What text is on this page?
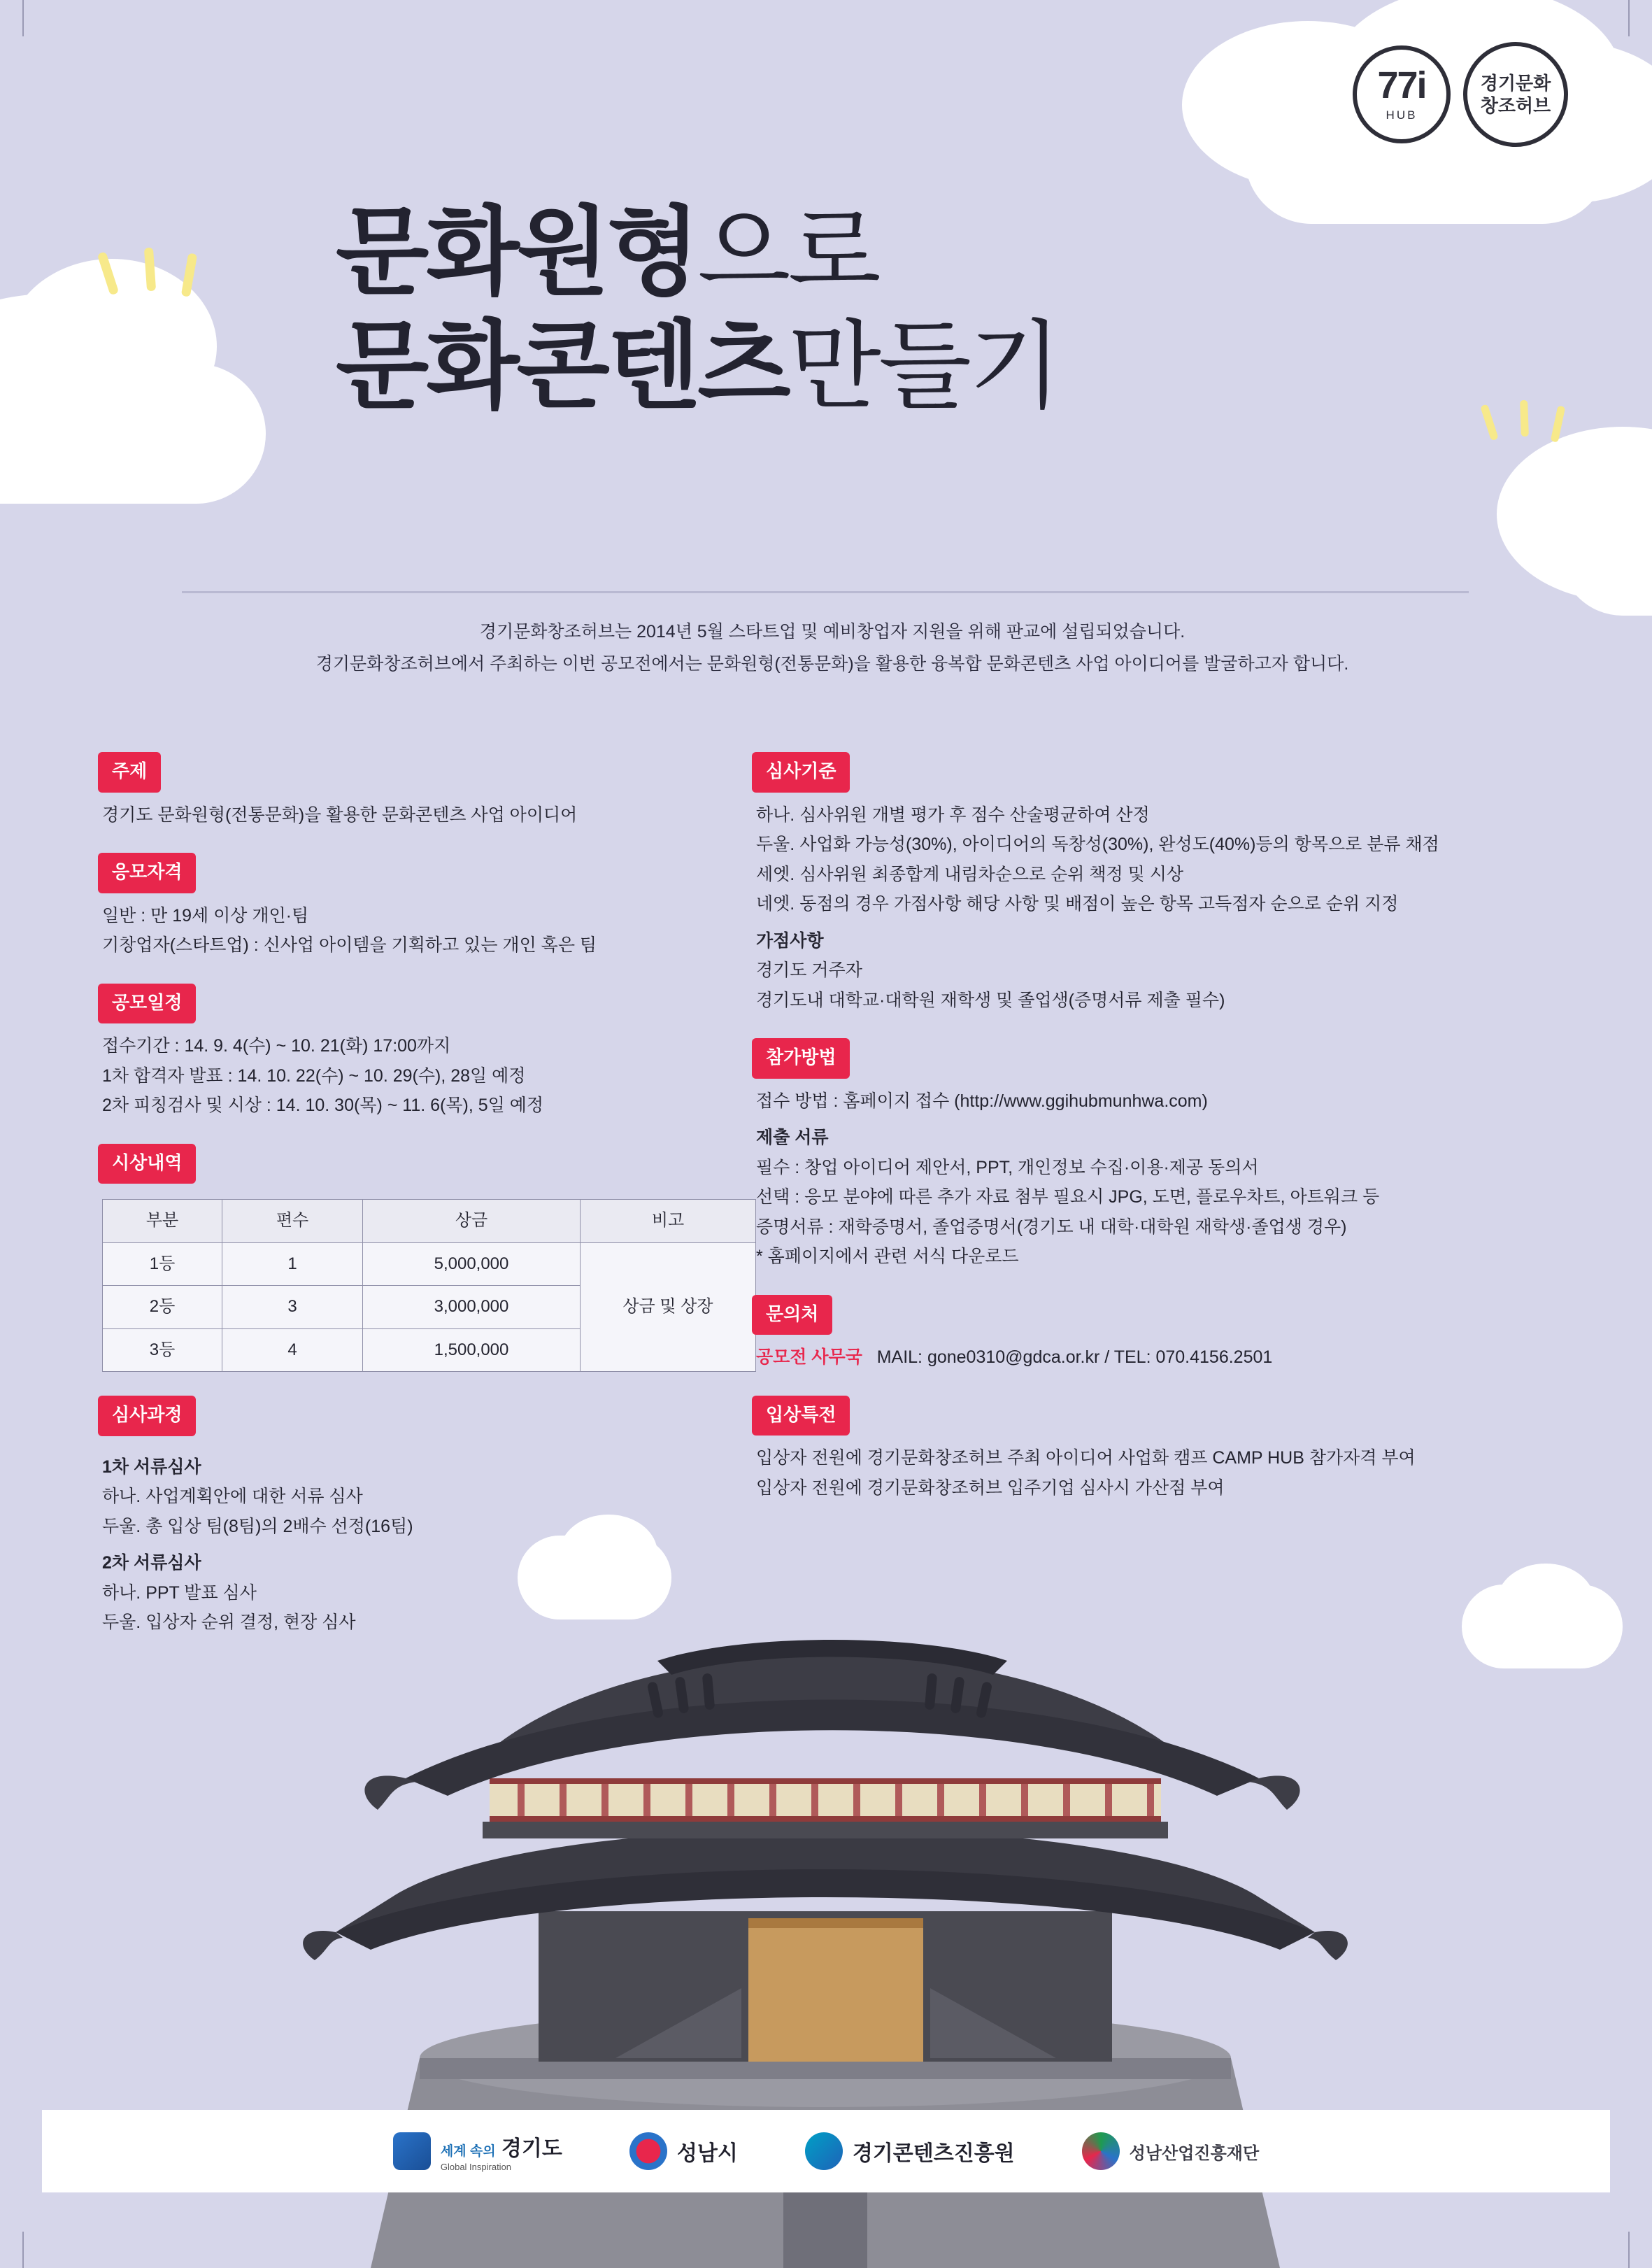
77i
HUB
경기문화
창조허브
문화원형으로
문화콘텐츠만들기
경기문화창조허브는 2014년 5월 스타트업 및 예비창업자 지원을 위해 판교에 설립되었습니다.
경기문화창조허브에서 주최하는 이번 공모전에서는 문화원형(전통문화)을 활용한 융복합 문화콘텐츠 사업 아이디어를 발굴하고자 합니다.
주제

경기도 문화원형(전통문화)을 활용한 문화콘텐츠 사업 아이디어

응모자격

일반 : 만 19세 이상 개인·팀

기창업자(스타트업) : 신사업 아이템을 기획하고 있는 개인 혹은 팀

공모일정

접수기간 : 14. 9. 4(수) ~ 10. 21(화) 17:00까지

1차 합격자 발표 : 14. 10. 22(수) ~ 10. 29(수), 28일 예정

2차 피칭검사 및 시상 : 14. 10. 30(목) ~ 11. 6(목), 5일 예정

시상내역
부분	편수	상금	비고
1등	1	5,000,000	상금 및 상장
2등	3	3,000,000	
3등	4	1,500,000	
심사과정

1차 서류심사

하나. 사업계획안에 대한 서류 심사

두울. 총 입상 팀(8팀)의 2배수 선정(16팀)

2차 서류심사

하나. PPT 발표 심사

두울. 입상자 순위 결정, 현장 심사

심사기준

하나. 심사위원 개별 평가 후 점수 산술평균하여 산정

두울. 사업화 가능성(30%), 아이디어의 독창성(30%), 완성도(40%)등의 항목으로 분류 채점

세엣. 심사위원 최종합계 내림차순으로 순위 책정 및 시상

네엣. 동점의 경우 가점사항 해당 사항 및 배점이 높은 항목 고득점자 순으로 순위 지정

가점사항

경기도 거주자

경기도내 대학교·대학원 재학생 및 졸업생(증명서류 제출 필수)

참가방법

접수 방법 : 홈페이지 접수 (http://www.ggihubmunhwa.com)

제출 서류

필수 : 창업 아이디어 제안서, PPT, 개인정보 수집·이용·제공 동의서

선택 : 응모 분야에 따른 추가 자료 첨부 필요시 JPG, 도면, 플로우차트, 아트워크 등

증명서류 : 재학증명서, 졸업증명서(경기도 내 대학·대학원 재학생·졸업생 경우)

* 홈페이지에서 관련 서식 다운로드

문의처

공모전 사무국 MAIL: gone0310@gdca.or.kr / TEL: 070.4156.2501

입상특전

입상자 전원에 경기문화창조허브 주최 아이디어 사업화 캠프 CAMP HUB 참가자격 부여

입상자 전원에 경기문화창조허브 입주기업 심사시 가산점 부여

세계 속의 경기도
Global Inspiration
성남시	경기콘텐츠진흥원	성남산업진흥재단
